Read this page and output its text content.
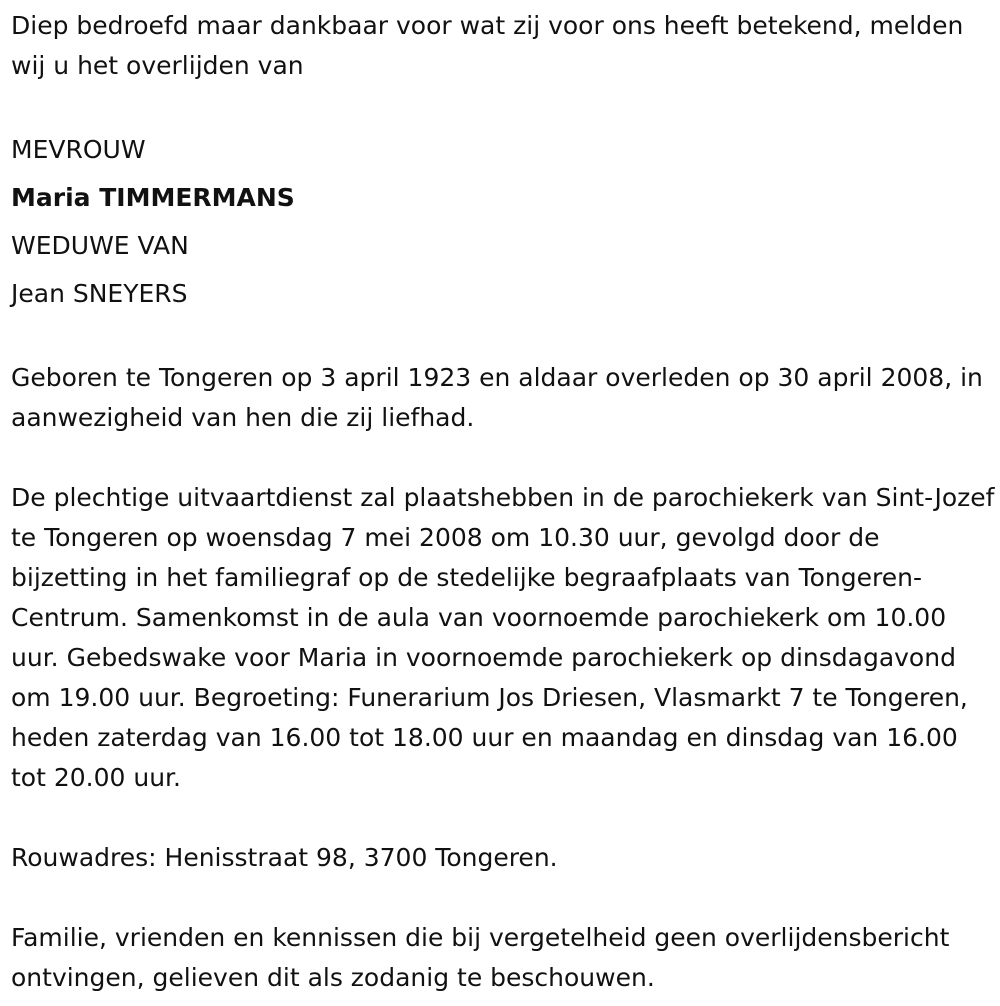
Diep bedroefd maar dankbaar voor wat zij voor ons heeft betekend, melden wij u het overlijden van

MEVROUW

Maria TIMMERMANS

WEDUWE VAN

Jean SNEYERS

Geboren te Tongeren op 3 april 1923 en aldaar overleden op 30 april 2008, in aanwezigheid van hen die zij liefhad.

De plechtige uitvaartdienst zal plaatshebben in de parochiekerk van Sint-Jozef te Tongeren op woensdag 7 mei 2008 om 10.30 uur, gevolgd door de bijzetting in het familiegraf op de stedelijke begraafplaats van Tongeren-Centrum. Samenkomst in de aula van voornoemde parochiekerk om 10.00 uur. Gebedswake voor Maria in voornoemde parochiekerk op dinsdagavond om 19.00 uur. Begroeting: Funerarium Jos Driesen, Vlasmarkt 7 te Tongeren, heden zaterdag van 16.00 tot 18.00 uur en maandag en dinsdag van 16.00 tot 20.00 uur.

Rouwadres: Henisstraat 98, 3700 Tongeren.

Familie, vrienden en kennissen die bij vergetelheid geen overlijdensbericht ontvingen, gelieven dit als zodanig te beschouwen.
